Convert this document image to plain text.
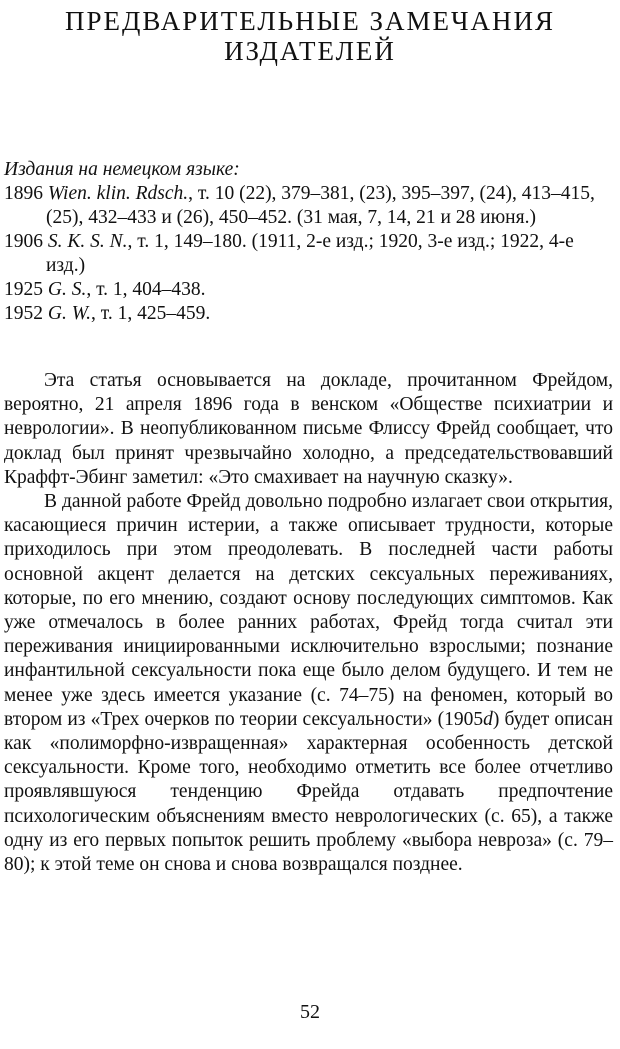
ПРЕДВАРИТЕЛЬНЫЕ ЗАМЕЧАНИЯ
ИЗДАТЕЛЕЙ
Издания на немецком языке:
1896 Wien. klin. Rdsch., т. 10 (22), 379–381, (23), 395–397, (24), 413–415, (25), 432–433 и (26), 450–452. (31 мая, 7, 14, 21 и 28 июня.)
1906 S. K. S. N., т. 1, 149–180. (1911, 2-е изд.; 1920, 3-е изд.; 1922, 4-е изд.)
1925 G. S., т. 1, 404–438.
1952 G. W., т. 1, 425–459.

Эта статья основывается на докладе, прочитанном Фрейдом, вероятно, 21 апреля 1896 года в венском «Обществе психиатрии и неврологии». В неопубликованном письме Флиссу Фрейд сообщает, что доклад был принят чрезвычайно холодно, а председательствовавший Краффт-Эбинг заметил: «Это смахивает на научную сказку».

В данной работе Фрейд довольно подробно излагает свои открытия, касающиеся причин истерии, а также описывает трудности, которые приходилось при этом преодолевать. В последней части работы основной акцент делается на детских сексуальных переживаниях, которые, по его мнению, создают основу последующих симптомов. Как уже отмечалось в более ранних работах, Фрейд тогда считал эти переживания инициированными исключительно взрослыми; познание инфантильной сексуальности пока еще было делом будущего. И тем не менее уже здесь имеется указание (с. 74–75) на феномен, который во втором из «Трех очерков по теории сексуальности» (1905d) будет описан как «полиморфно-извращенная» характерная особенность детской сексуальности. Кроме того, необходимо отметить все более отчетливо проявлявшуюся тенденцию Фрейда отдавать предпочтение психологическим объяснениям вместо неврологических (с. 65), а также одну из его первых попыток решить проблему «выбора невроза» (с. 79–80); к этой теме он снова и снова возвращался позднее.

52
